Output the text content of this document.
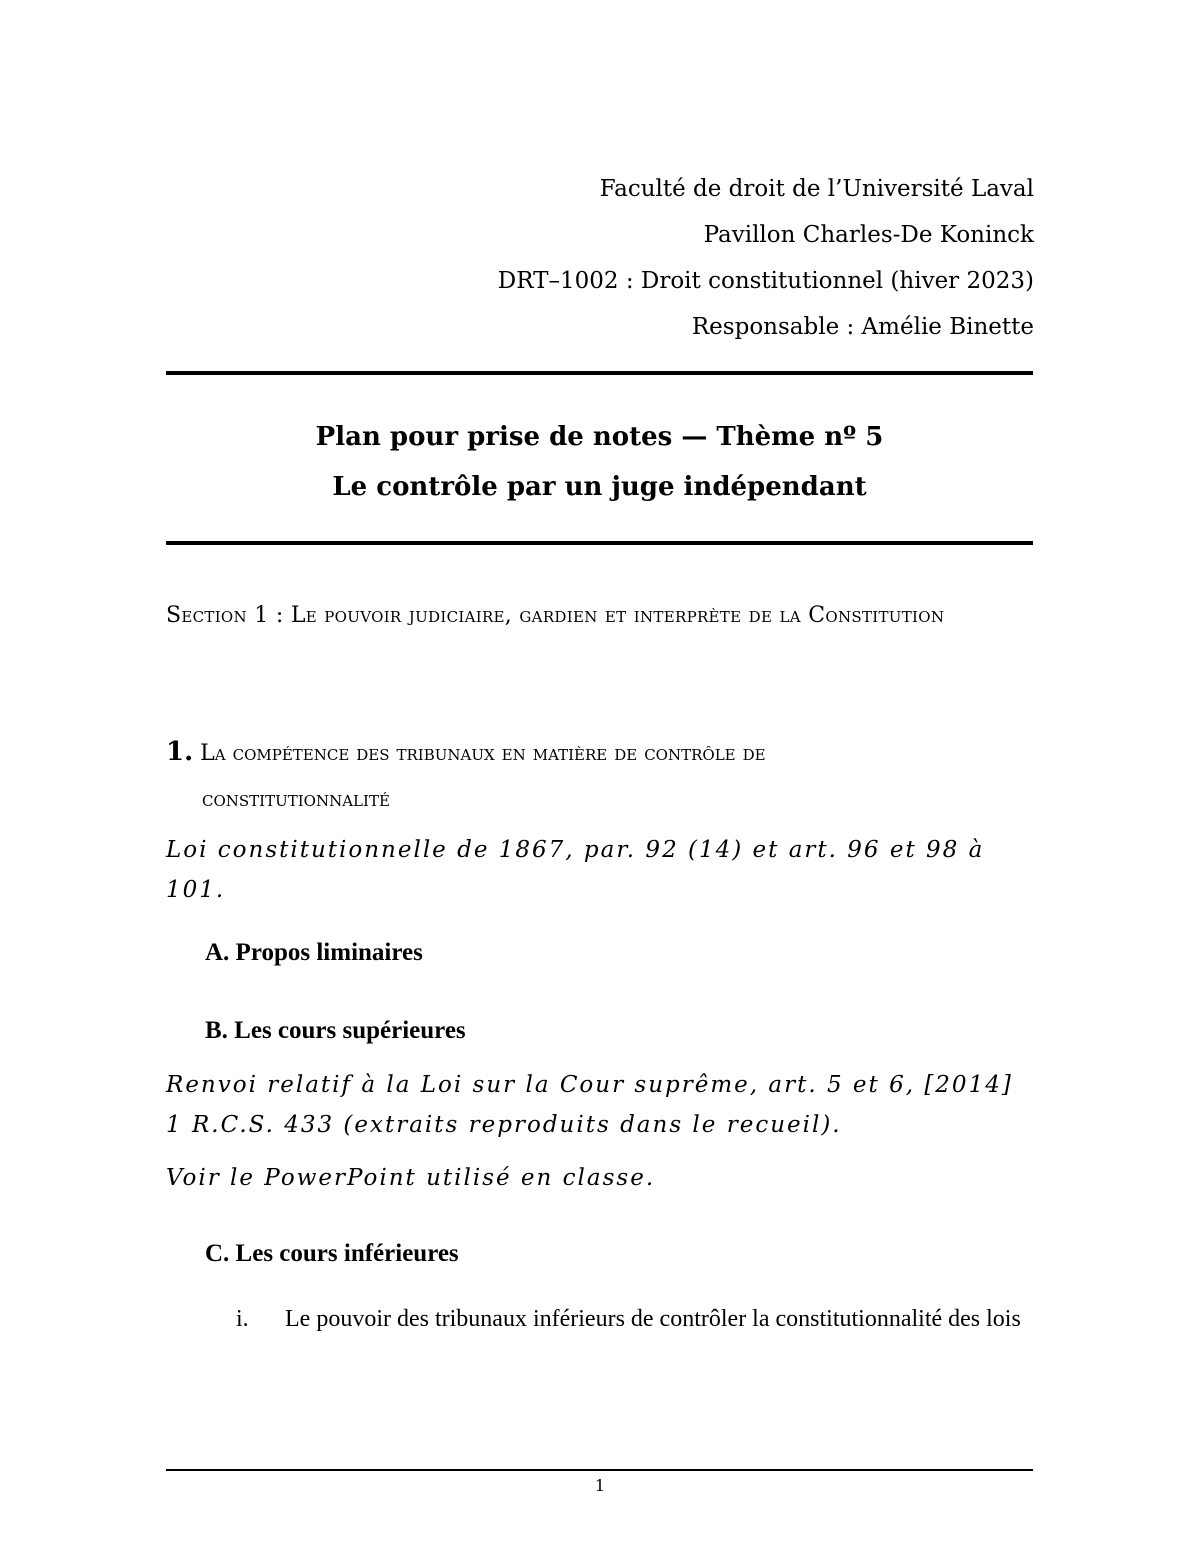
Faculté de droit de l’Université Laval
Pavillon Charles-De Koninck
DRT–1002 : Droit constitutionnel (hiver 2023)
Responsable : Amélie Binette
Plan pour prise de notes — Thème nº 5
Le contrôle par un juge indépendant
Section 1 : Le pouvoir judiciaire, gardien et interprète de la Constitution
1. La compétence des tribunaux en matière de contrôle de
constitutionnalité
Loi constitutionnelle de 1867, par. 92 (14) et art. 96 et 98 à 101.
A. Propos liminaires
B. Les cours supérieures
Renvoi relatif à la Loi sur la Cour suprême, art. 5 et 6, [2014] 1 R.C.S. 433 (extraits reproduits dans le recueil).
Voir le PowerPoint utilisé en classe.
C. Les cours inférieures
i. Le pouvoir des tribunaux inférieurs de contrôler la constitutionnalité des lois
1
